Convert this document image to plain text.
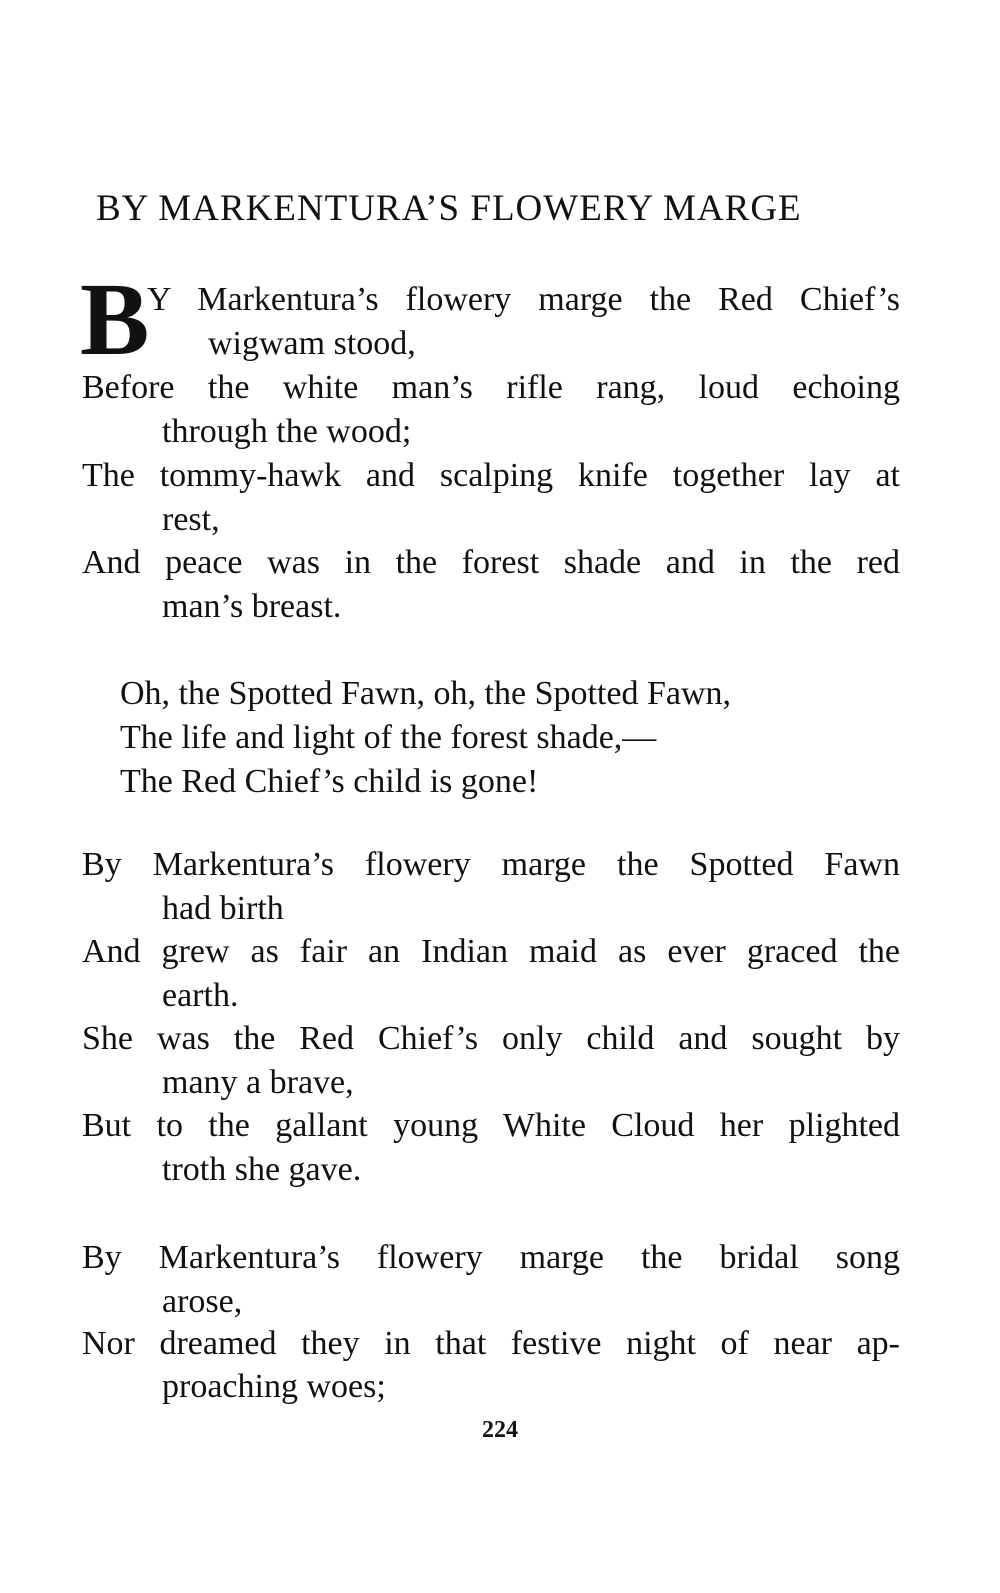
BY MARKENTURA’S FLOWERY MARGE
B
Y Markentura’s flowery marge the Red Chief’s
wigwam stood,
Before the white man’s rifle rang, loud echoing
through the wood;
The tommy-hawk and scalping knife together lay at
rest,
And peace was in the forest shade and in the red
man’s breast.
Oh, the Spotted Fawn, oh, the Spotted Fawn,
The life and light of the forest shade,—
The Red Chief’s child is gone!
By Markentura’s flowery marge the Spotted Fawn
had birth
And grew as fair an Indian maid as ever graced the
earth.
She was the Red Chief’s only child and sought by
many a brave,
But to the gallant young White Cloud her plighted
troth she gave.
By Markentura’s flowery marge the bridal song
arose,
Nor dreamed they in that festive night of near ap-
proaching woes;
224
